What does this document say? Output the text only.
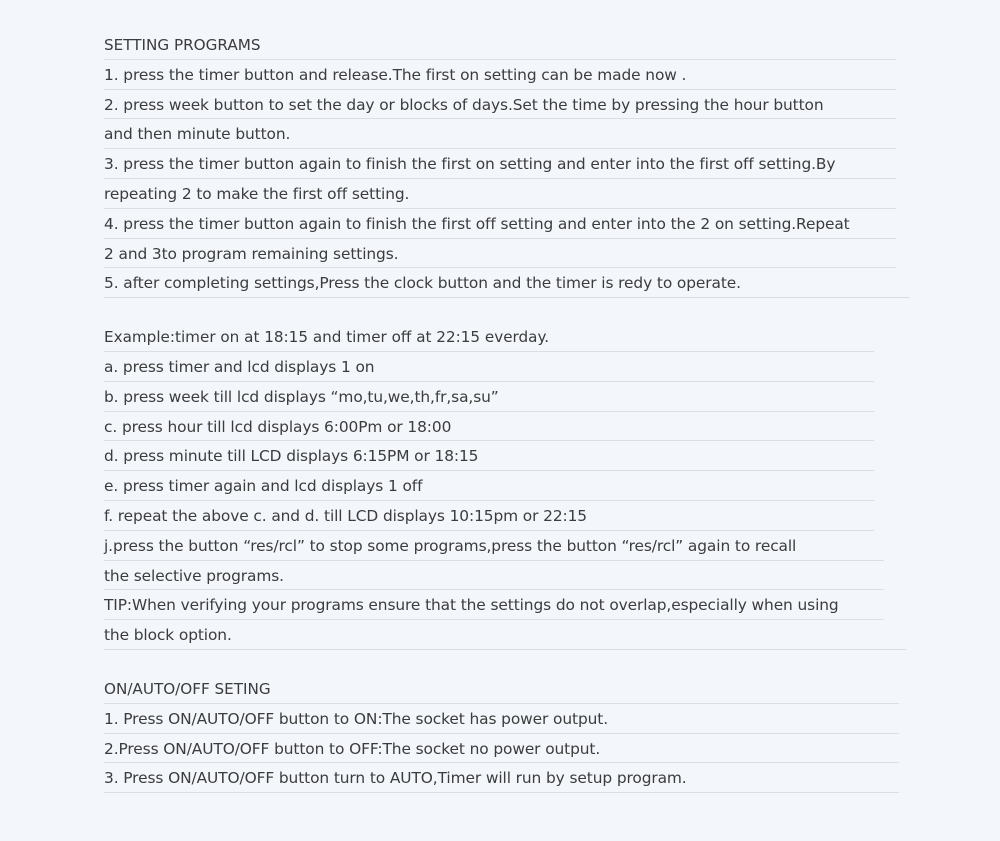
SETTING PROGRAMS
1. press the timer button and release.The first on setting can be made now .
2. press week button to set the day or blocks of days.Set the time by pressing the hour button
and then minute button.
3. press the timer button again to finish the first on setting and enter into the first off setting.By
repeating 2 to make the first off setting.
4. press the timer button again to finish the first off setting and enter into the 2 on setting.Repeat
2 and 3to program remaining settings.
5. after completing settings,Press the clock button and the timer is redy to operate.
Example:timer on at 18:15 and timer off at 22:15 everday.
a. press timer and lcd displays 1 on
b. press week till lcd displays “mo,tu,we,th,fr,sa,su”
c. press hour till lcd displays 6:00Pm or 18:00
d. press minute till LCD displays 6:15PM or 18:15
e. press timer again and lcd displays 1 off
f. repeat the above c. and d. till LCD displays 10:15pm or 22:15
j.press the button “res/rcl” to stop some programs,press the button “res/rcl” again to recall
the selective programs.
TIP:When verifying your programs ensure that the settings do not overlap,especially when using
the block option.
ON/AUTO/OFF SETING
1. Press ON/AUTO/OFF button to ON:The socket has power output.
2.Press ON/AUTO/OFF button to OFF:The socket no power output.
3. Press ON/AUTO/OFF button turn to AUTO,Timer will run by setup program.
